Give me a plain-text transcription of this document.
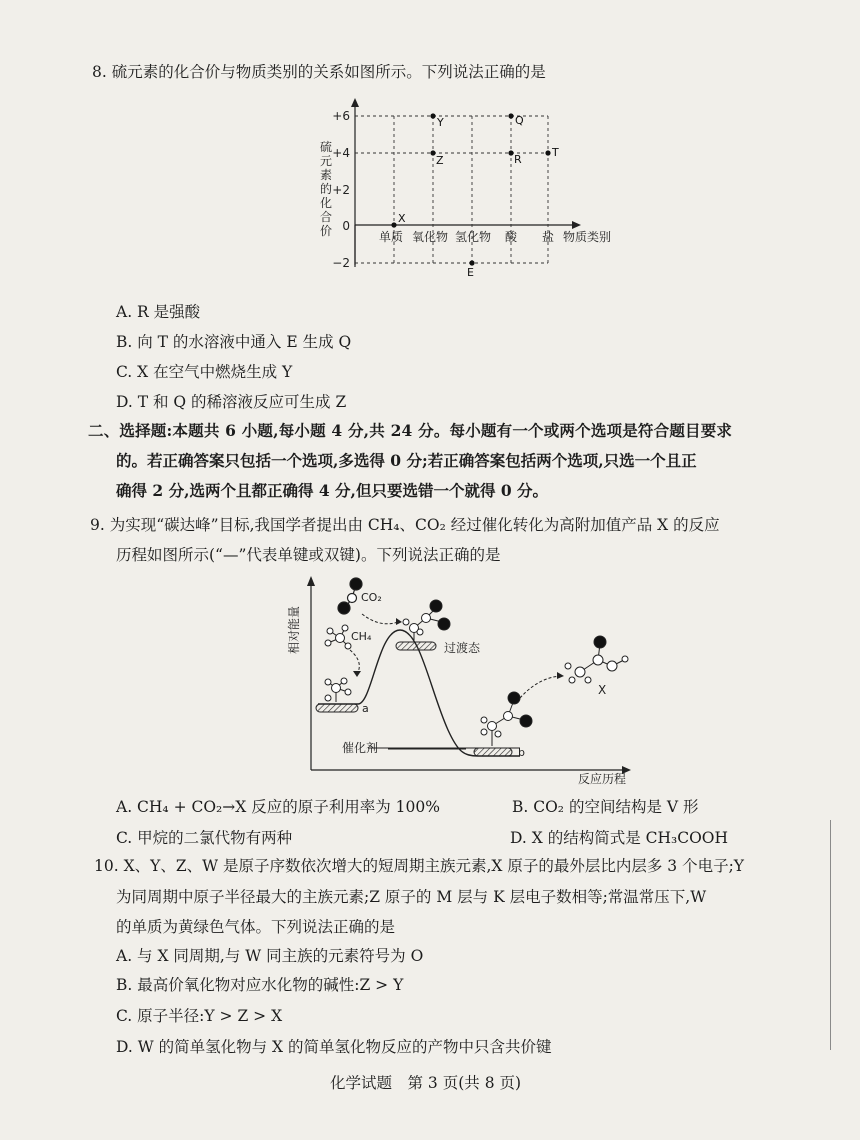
8. 硫元素的化合价与物质类别的关系如图所示。下列说法正确的是
硫
元
素
的
化
合
价
+6
+4
+2
0
−2
单质 氧化物 氢化物 酸 盐 物质类别
X
Y	Q
Z	R
T
E
A. R 是强酸
B. 向 T 的水溶液中通入 E 生成 Q
C. X 在空气中燃烧生成 Y
D. T 和 Q 的稀溶液反应可生成 Z
二、选择题:本题共 6 小题,每小题 4 分,共 24 分。每小题有一个或两个选项是符合题目要求
的。若正确答案只包括一个选项,多选得 0 分;若正确答案包括两个选项,只选一个且正
确得 2 分,选两个且都正确得 4 分,但只要选错一个就得 0 分。
9. 为实现“碳达峰”目标,我国学者提出由 CH₄、CO₂ 经过催化转化为高附加值产品 X 的反应
历程如图所示(“—”代表单键或双键)。下列说法正确的是
相对能量
反应历程
a
b
催化剂
过渡态
CO₂
CH₄
X
A. CH₄ + CO₂→X 反应的原子利用率为 100%	B. CO₂ 的空间结构是 V 形
C. 甲烷的二氯代物有两种	D. X 的结构简式是 CH₃COOH
10. X、Y、Z、W 是原子序数依次增大的短周期主族元素,X 原子的最外层比内层多 3 个电子;Y
为同周期中原子半径最大的主族元素;Z 原子的 M 层与 K 层电子数相等;常温常压下,W
的单质为黄绿色气体。下列说法正确的是
A. 与 X 同周期,与 W 同主族的元素符号为 O
B. 最高价氧化物对应水化物的碱性:Z > Y
C. 原子半径:Y > Z > X
D. W 的简单氢化物与 X 的简单氢化物反应的产物中只含共价键
化学试题　第 3 页(共 8 页)
